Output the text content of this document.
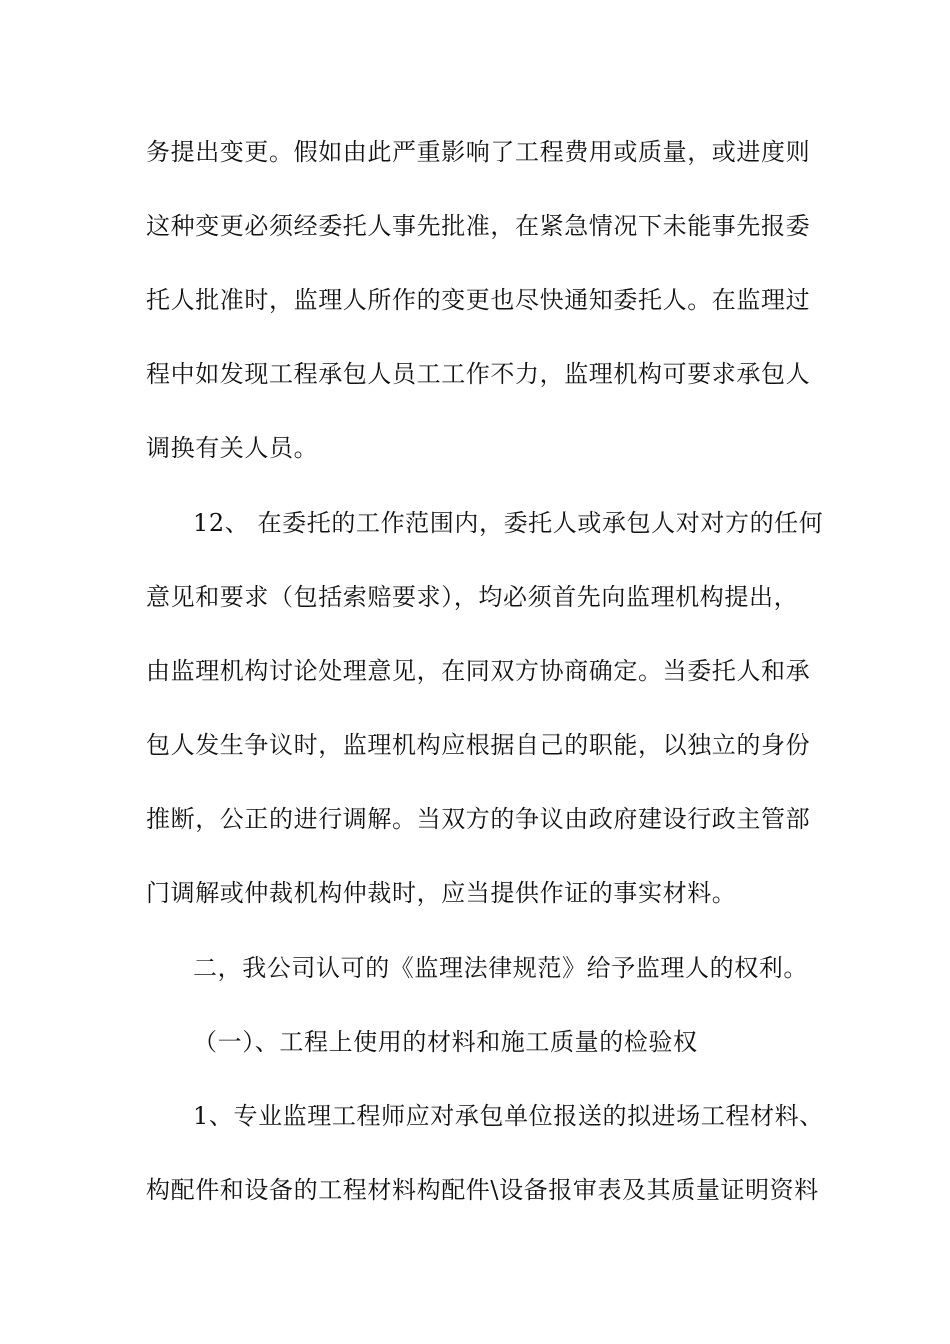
务提出变更。假如由此严重影响了工程费用或质量，或进度则
这种变更必须经委托人事先批准，在紧急情况下未能事先报委
托人批准时，监理人所作的变更也尽快通知委托人。在监理过
程中如发现工程承包人员工工作不力，监理机构可要求承包人
调换有关人员。
12、 在委托的工作范围内，委托人或承包人对对方的任何
意见和要求（包括索赔要求），均必须首先向监理机构提出，
由监理机构讨论处理意见，在同双方协商确定。当委托人和承
包人发生争议时，监理机构应根据自己的职能，以独立的身份
推断，公正的进行调解。当双方的争议由政府建设行政主管部
门调解或仲裁机构仲裁时，应当提供作证的事实材料。
二，我公司认可的《监理法律规范》给予监理人的权利。
（一）、工程上使用的材料和施工质量的检验权
1、专业监理工程师应对承包单位报送的拟进场工程材料、
构配件和设备的工程材料构配件\设备报审表及其质量证明资料
